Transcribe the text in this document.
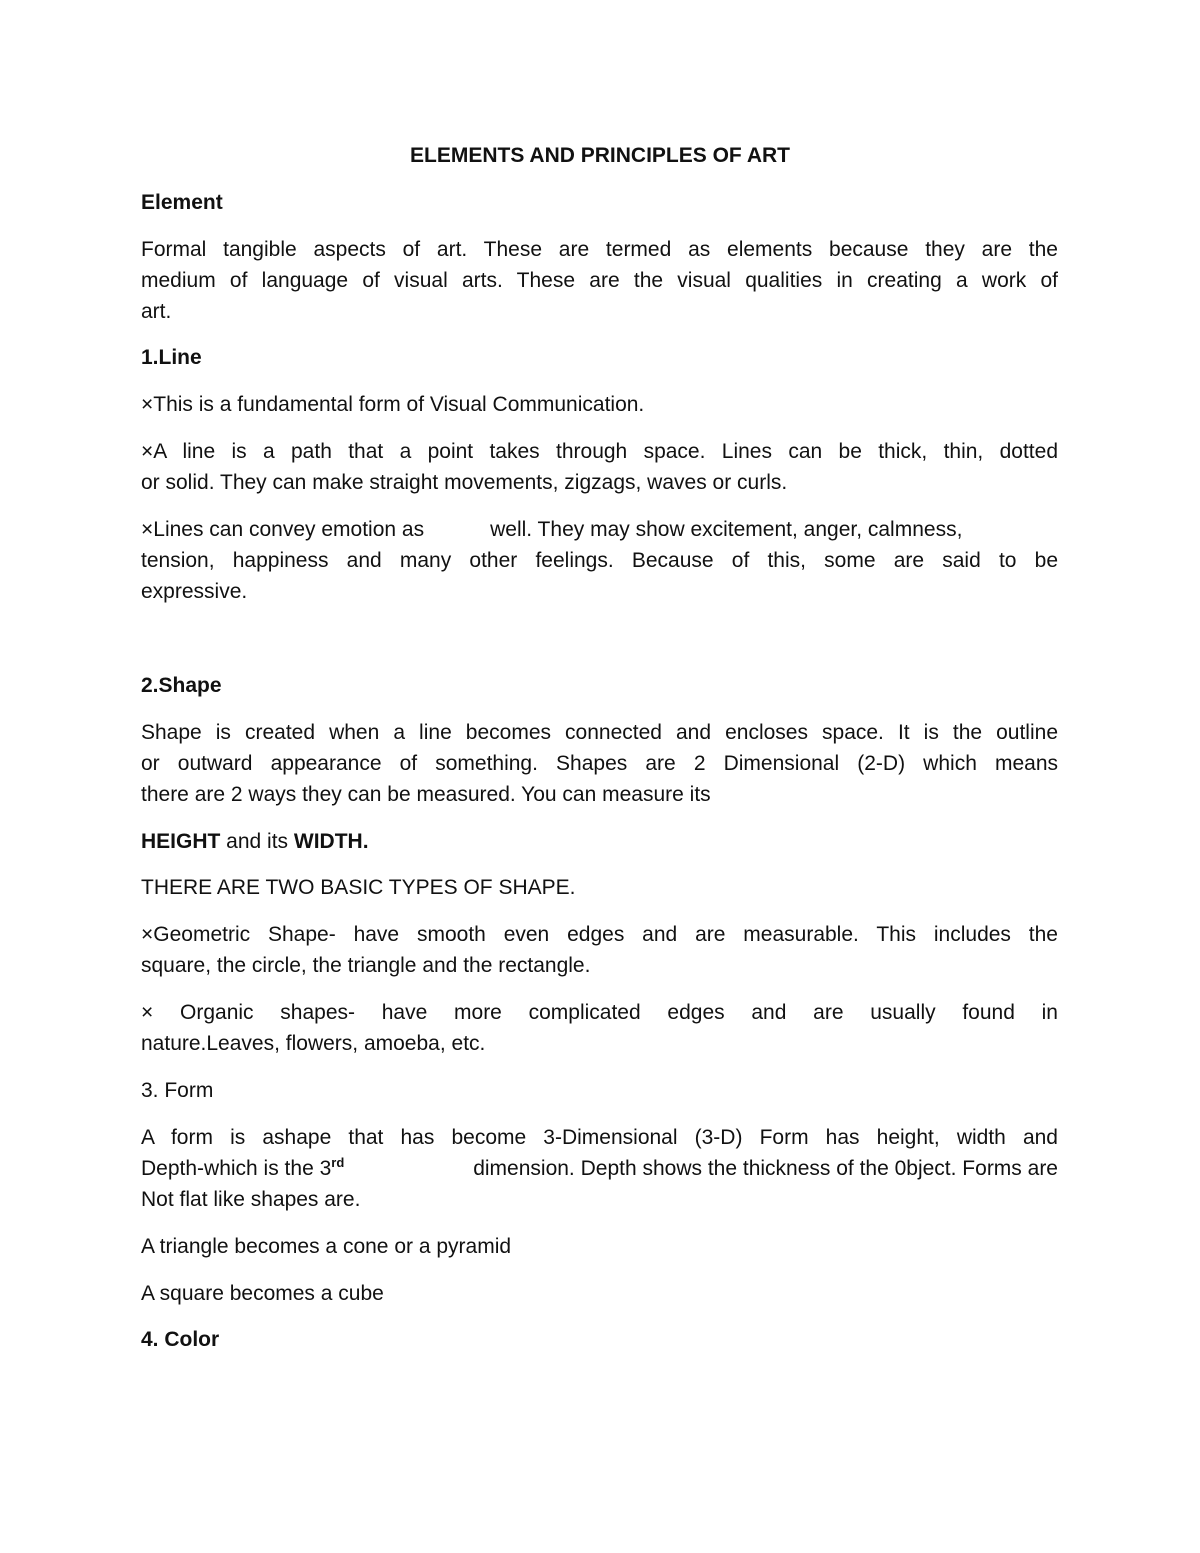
ELEMENTS AND PRINCIPLES OF ART
Element
Formal tangible aspects of art. These are termed as elements because they are the
medium of language of visual arts. These are the visual qualities in creating a work of
art.
1.Line
×This is a fundamental form of Visual Communication.
×A line is a path that a point takes through space. Lines can be thick, thin, dotted
or solid. They can make straight movements, zigzags, waves or curls.
×Lines can convey emotion as	well. They may show excitement, anger, calmness,
tension, happiness and many other feelings. Because of this, some are said to be
expressive.
2.Shape
Shape is created when a line becomes connected and encloses space. It is the outline
or outward appearance of something. Shapes are 2 Dimensional (2-D) which means
there are 2 ways they can be measured. You can measure its
HEIGHT and its WIDTH.
THERE ARE TWO BASIC TYPES OF SHAPE.
×Geometric Shape- have smooth even edges and are measurable. This includes the
square, the circle, the triangle and the rectangle.
× Organic shapes- have more complicated edges and are usually found in
nature.Leaves, flowers, amoeba, etc.
3. Form
A form is ashape that has become 3-Dimensional (3-D) Form has height, width and
Depth-which is the 3rd	dimension. Depth shows the thickness of the 0bject. Forms are
Not flat like shapes are.
A triangle becomes a cone or a pyramid
A square becomes a cube
4. Color
